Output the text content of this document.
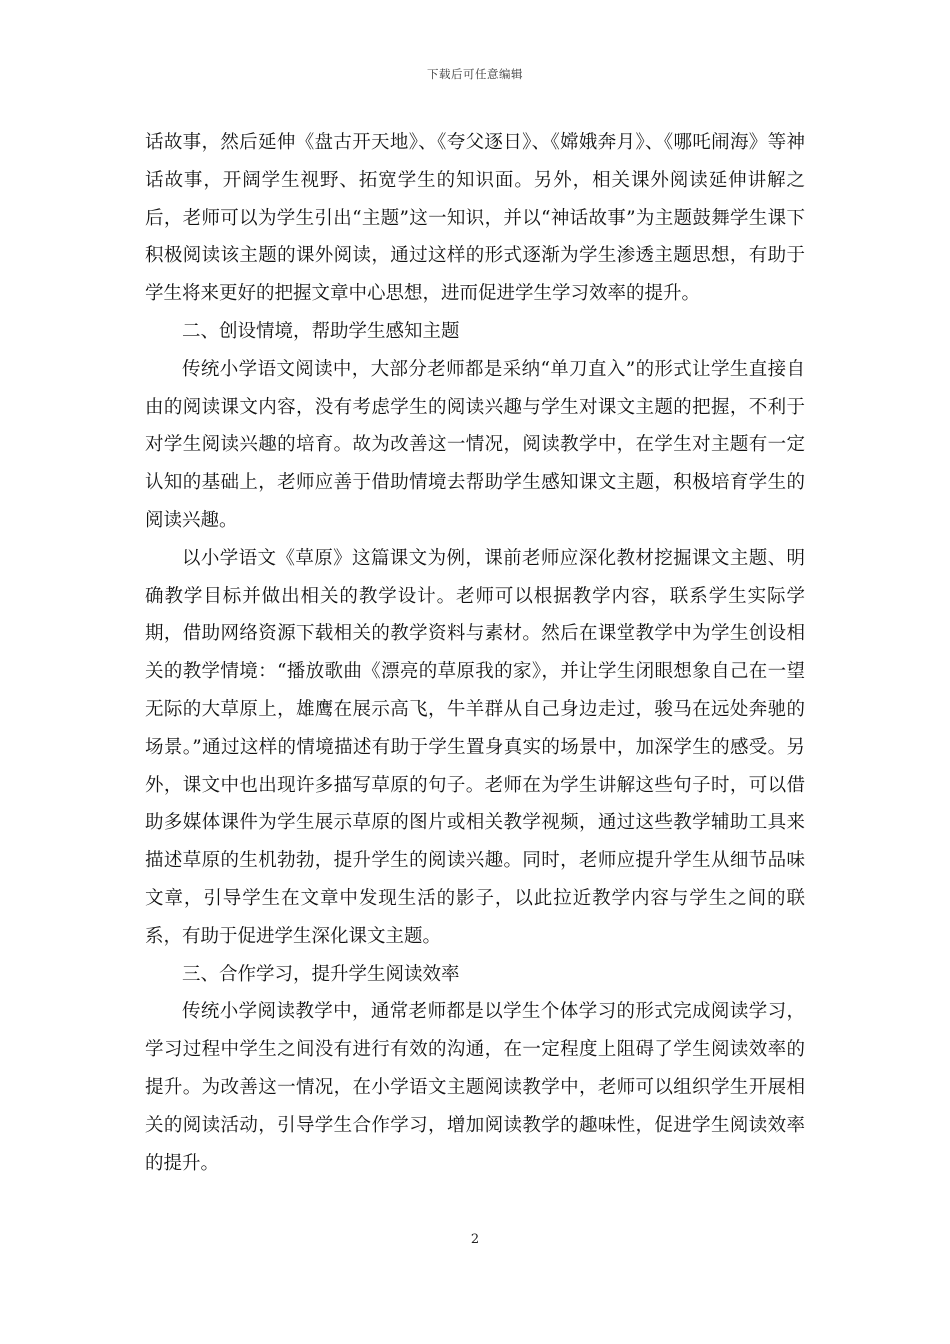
下载后可任意编辑

话故事，然后延伸《盘古开天地》、《夸父逐日》、《嫦娥奔月》、《哪吒闹海》等神话故事，开阔学生视野、拓宽学生的知识面。另外，相关课外阅读延伸讲解之后，老师可以为学生引出“主题”这一知识，并以“神话故事”为主题鼓舞学生课下积极阅读该主题的课外阅读，通过这样的形式逐渐为学生渗透主题思想，有助于学生将来更好的把握文章中心思想，进而促进学生学习效率的提升。

二、创设情境，帮助学生感知主题

传统小学语文阅读中，大部分老师都是采纳“单刀直入”的形式让学生直接自由的阅读课文内容，没有考虑学生的阅读兴趣与学生对课文主题的把握，不利于对学生阅读兴趣的培育。故为改善这一情况，阅读教学中，在学生对主题有一定认知的基础上，老师应善于借助情境去帮助学生感知课文主题，积极培育学生的阅读兴趣。

以小学语文《草原》这篇课文为例，课前老师应深化教材挖掘课文主题、明确教学目标并做出相关的教学设计。老师可以根据教学内容，联系学生实际学期，借助网络资源下载相关的教学资料与素材。然后在课堂教学中为学生创设相关的教学情境：“播放歌曲《漂亮的草原我的家》，并让学生闭眼想象自己在一望无际的大草原上，雄鹰在展示高飞，牛羊群从自己身边走过，骏马在远处奔驰的场景。”通过这样的情境描述有助于学生置身真实的场景中，加深学生的感受。另外，课文中也出现许多描写草原的句子。老师在为学生讲解这些句子时，可以借助多媒体课件为学生展示草原的图片或相关教学视频，通过这些教学辅助工具来描述草原的生机勃勃，提升学生的阅读兴趣。同时，老师应提升学生从细节品味文章，引导学生在文章中发现生活的影子，以此拉近教学内容与学生之间的联系，有助于促进学生深化课文主题。

三、合作学习，提升学生阅读效率

传统小学阅读教学中，通常老师都是以学生个体学习的形式完成阅读学习，学习过程中学生之间没有进行有效的沟通，在一定程度上阻碍了学生阅读效率的提升。为改善这一情况，在小学语文主题阅读教学中，老师可以组织学生开展相关的阅读活动，引导学生合作学习，增加阅读教学的趣味性，促进学生阅读效率的提升。

2
